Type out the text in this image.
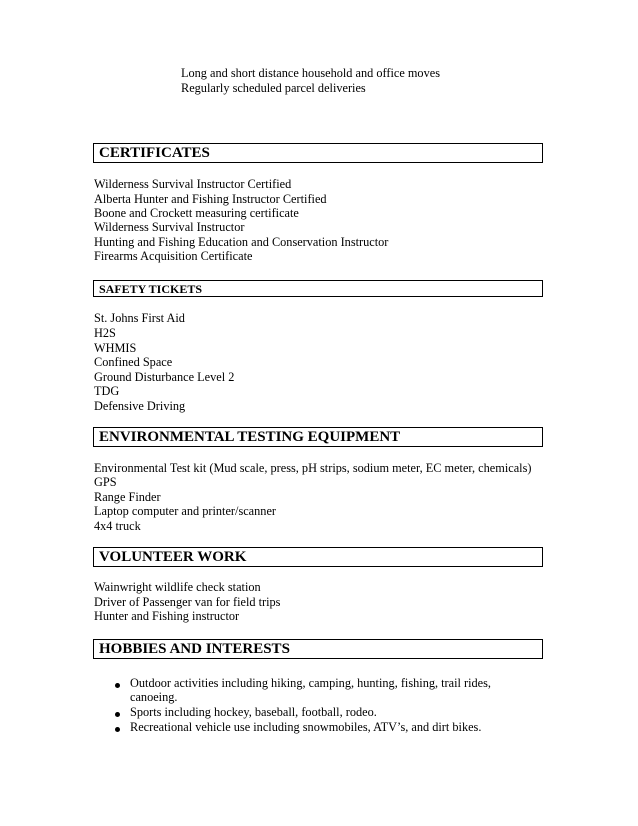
Long and short distance household and office moves
Regularly scheduled parcel deliveries
CERTIFICATES
Wilderness Survival Instructor Certified
Alberta Hunter and Fishing Instructor Certified
Boone and Crockett measuring certificate
Wilderness Survival Instructor
Hunting and Fishing Education and Conservation Instructor
Firearms Acquisition Certificate
SAFETY TICKETS
St. Johns First Aid
H2S
WHMIS
Confined Space
Ground Disturbance Level 2
TDG
Defensive Driving
ENVIRONMENTAL TESTING EQUIPMENT
Environmental Test kit (Mud scale, press, pH strips, sodium meter, EC meter, chemicals)
GPS
Range Finder
Laptop computer and printer/scanner
4x4 truck
VOLUNTEER WORK
Wainwright wildlife check station
Driver of Passenger van for field trips
Hunter and Fishing instructor
HOBBIES AND INTERESTS
Outdoor activities including hiking, camping, hunting, fishing, trail rides,
canoeing.
Sports including hockey, baseball, football, rodeo.
Recreational vehicle use including snowmobiles, ATV’s, and dirt bikes.
